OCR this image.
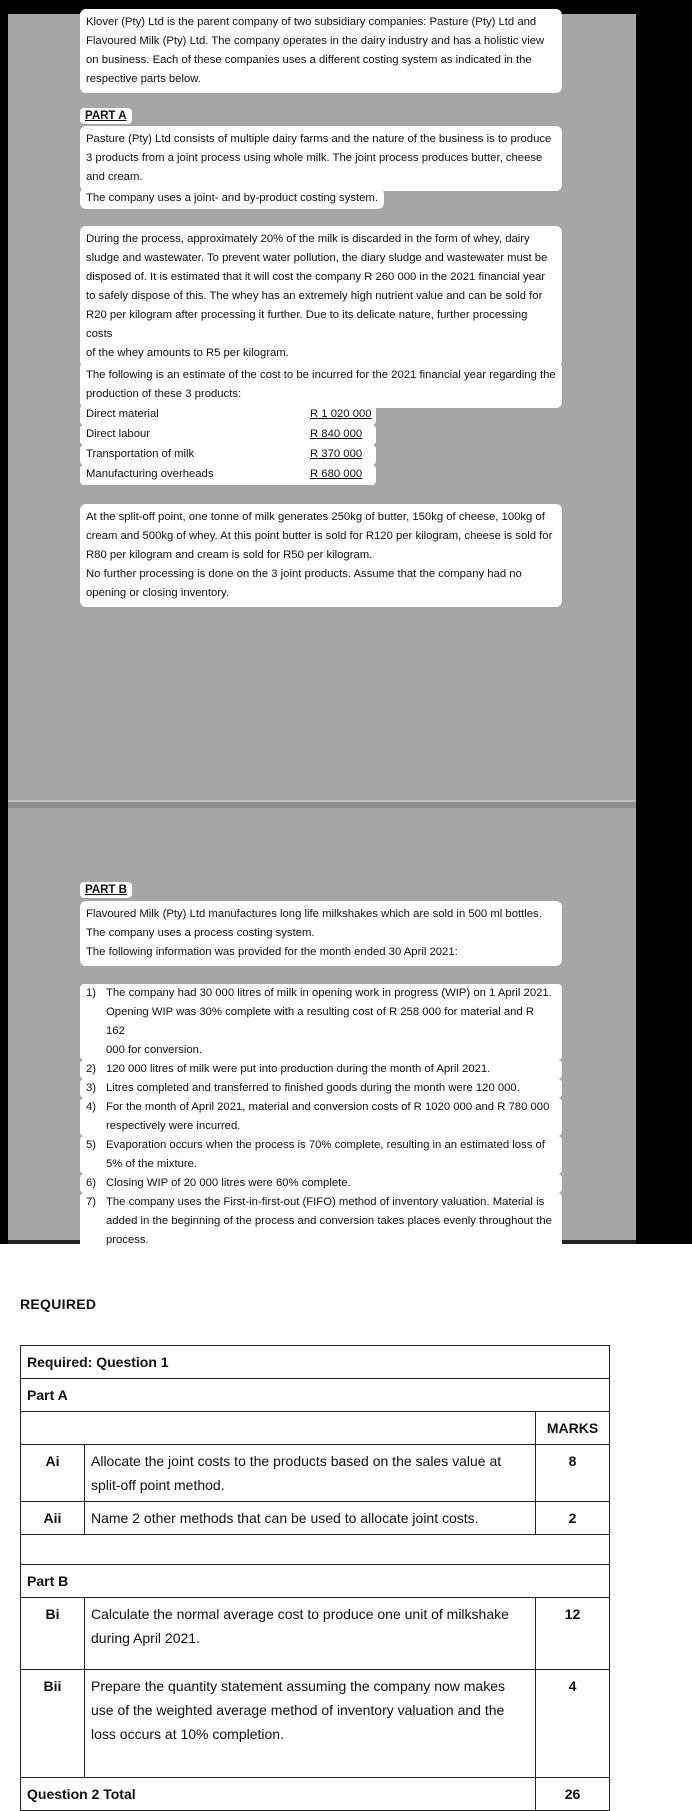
Klover (Pty) Ltd is the parent company of two subsidiary companies: Pasture (Pty) Ltd and
Flavoured Milk (Pty) Ltd. The company operates in the dairy industry and has a holistic view
on business. Each of these companies uses a different costing system as indicated in the
respective parts below.
PART A
Pasture (Pty) Ltd consists of multiple dairy farms and the nature of the business is to produce
3 products from a joint process using whole milk. The joint process produces butter, cheese
and cream.
The company uses a joint- and by-product costing system.
During the process, approximately 20% of the milk is discarded in the form of whey, dairy
sludge and wastewater. To prevent water pollution, the diary sludge and wastewater must be
disposed of. It is estimated that it will cost the company R 260 000 in the 2021 financial year
to safely dispose of this. The whey has an extremely high nutrient value and can be sold for
R20 per kilogram after processing it further. Due to its delicate nature, further processing costs
of the whey amounts to R5 per kilogram.
The following is an estimate of the cost to be incurred for the 2021 financial year regarding the
production of these 3 products:
Direct material	R 1 020 000
Direct labour	R 840 000
Transportation of milk	R 370 000
Manufacturing overheads	R 680 000
At the split-off point, one tonne of milk generates 250kg of butter, 150kg of cheese, 100kg of
cream and 500kg of whey. At this point butter is sold for R120 per kilogram, cheese is sold for
R80 per kilogram and cream is sold for R50 per kilogram.
No further processing is done on the 3 joint products. Assume that the company had no
opening or closing inventory.
PART B
Flavoured Milk (Pty) Ltd manufactures long life milkshakes which are sold in 500 ml bottles.
The company uses a process costing system.
The following information was provided for the month ended 30 April 2021:
1) The company had 30 000 litres of milk in opening work in progress (WIP) on 1 April 2021.
Opening WIP was 30% complete with a resulting cost of R 258 000 for material and R 162
000 for conversion.
2) 120 000 litres of milk were put into production during the month of April 2021.
3) Litres completed and transferred to finished goods during the month were 120 000.
4) For the month of April 2021, material and conversion costs of R 1020 000 and R 780 000
respectively were incurred.
5) Evaporation occurs when the process is 70% complete, resulting in an estimated loss of
5% of the mixture.
6) Closing WIP of 20 000 litres were 60% complete.
7) The company uses the First-in-first-out (FIFO) method of inventory valuation. Material is
added in the beginning of the process and conversion takes places evenly throughout the
process.
REQUIRED
Required: Question 1		
Part A		
		MARKS
Ai	Allocate the joint costs to the products based on the sales value at split-off point method.	8
Aii	Name 2 other methods that can be used to allocate joint costs.	2

Part B		
Bi	Calculate the normal average cost to produce one unit of milkshake during April 2021.	12
Bii	Prepare the quantity statement assuming the company now makes use of the weighted average method of inventory valuation and the loss occurs at 10% completion.	4
Question 2 Total		26
